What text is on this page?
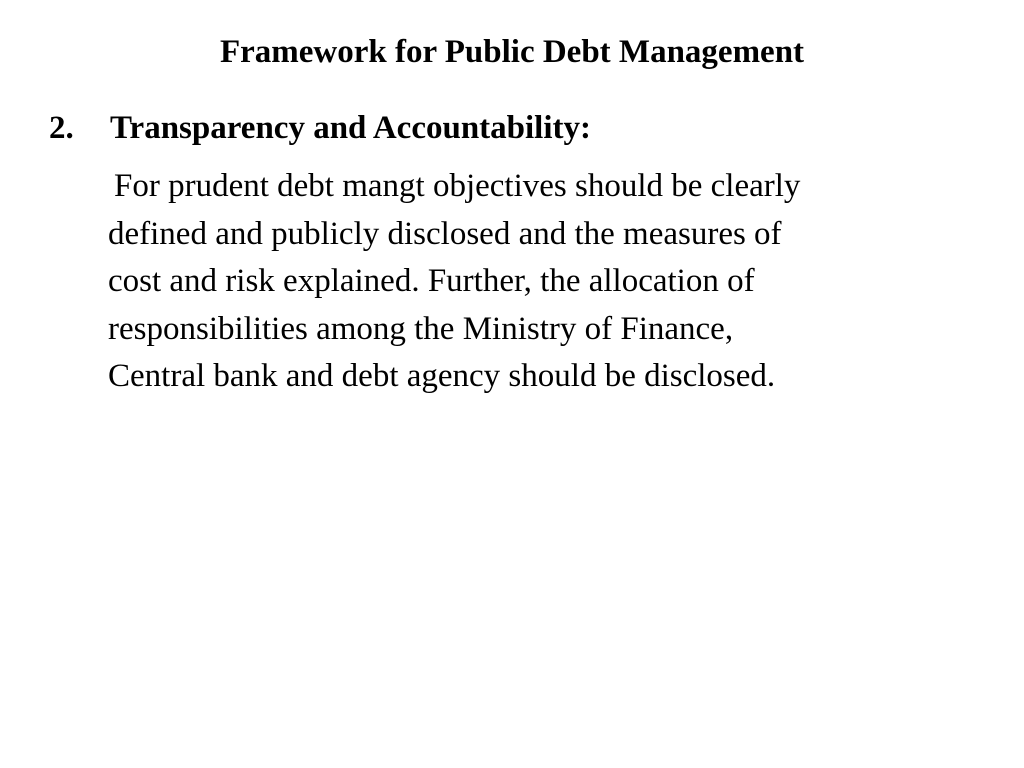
Framework for Public Debt Management
2. Transparency and Accountability:
For prudent debt mangt objectives should be clearly
defined and publicly disclosed and the measures of
cost and risk explained. Further, the allocation of
responsibilities among the Ministry of Finance,
Central bank and debt agency should be disclosed.
